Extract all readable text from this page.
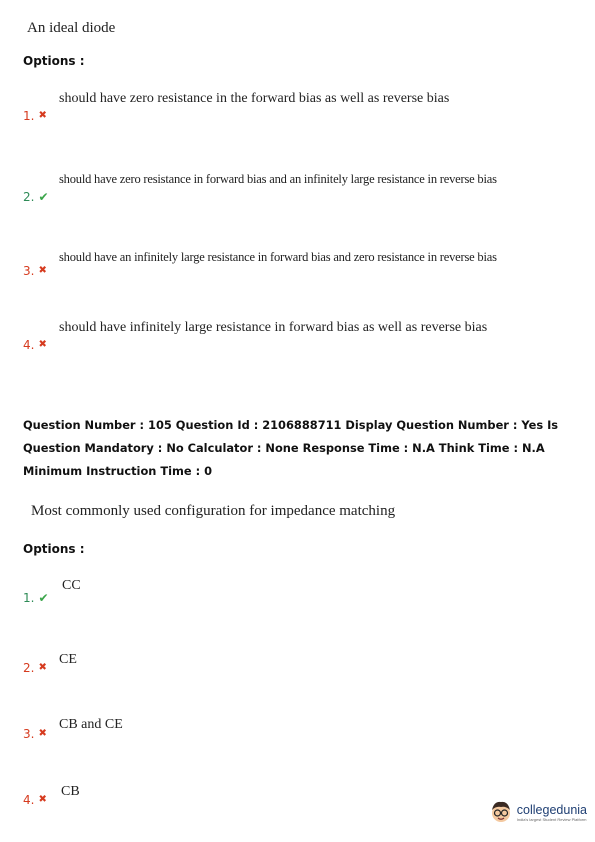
An ideal diode
Options :
should have zero resistance in the forward bias as well as reverse bias
1. ✖
should have zero resistance in forward bias and an infinitely large resistance in reverse bias
2. ✔
should have an infinitely large resistance in forward bias and zero resistance in reverse bias
3. ✖
should have infinitely large resistance in forward bias as well as reverse bias
4. ✖
Question Number : 105 Question Id : 2106888711 Display Question Number : Yes Is Question Mandatory : No Calculator : None Response Time : N.A Think Time : N.A Minimum Instruction Time : 0
Most commonly used configuration for impedance matching
Options :
CC
1. ✔
CE
2. ✖
CB and CE
3. ✖
CB
4. ✖
collegedunia
India's largest Student Review Platform
